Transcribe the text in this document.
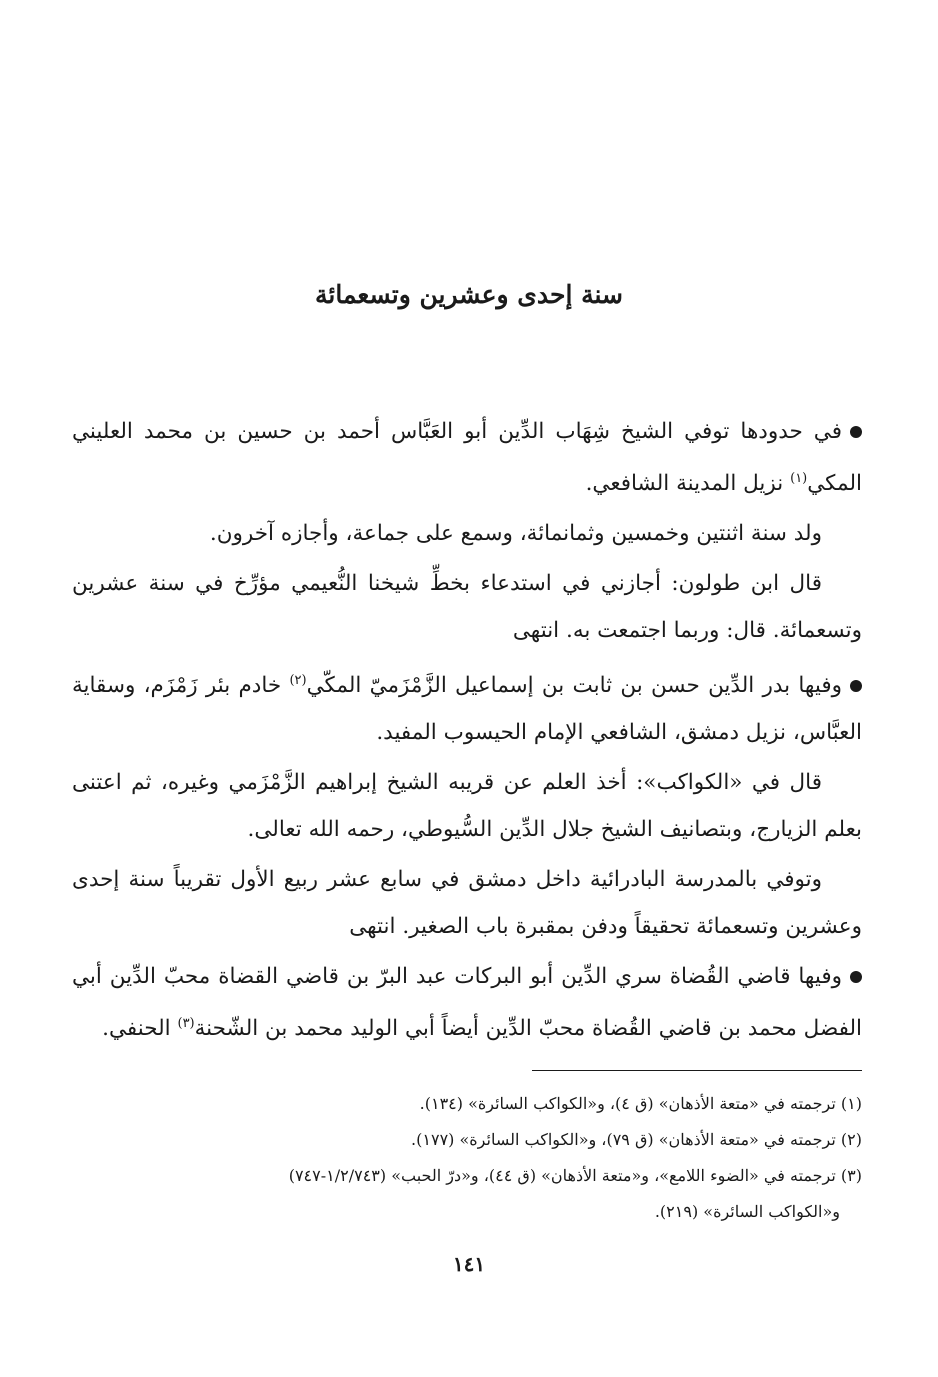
سنة إحدى وعشرين وتسعمائة

في حدودها توفي الشيخ شِهَاب الدِّين أبو العَبَّاس أحمد بن حسين بن محمد العليني المكي$^{(١)}$ نزيل المدينة الشافعي.

ولد سنة اثنتين وخمسين وثمانمائة، وسمع على جماعة، وأجازه آخرون.

قال ابن طولون: أجازني في استدعاء بخطِّ شيخنا النُّعيمي مؤرِّخ في سنة عشرين وتسعمائة. قال: وربما اجتمعت به. انتهى

وفيها بدر الدِّين حسن بن ثابت بن إسماعيل الزَّمْزَميّ المكّي$^{(٢)}$ خادم بئر زَمْزَم، وسقاية العبَّاس، نزيل دمشق، الشافعي الإمام الحيسوب المفيد.

قال في «الكواكب»: أخذ العلم عن قريبه الشيخ إبراهيم الزَّمْزَمي وغيره، ثم اعتنى بعلم الزيارج، وبتصانيف الشيخ جلال الدِّين السُّيوطي، رحمه الله تعالى.

وتوفي بالمدرسة البادرائية داخل دمشق في سابع عشر ربيع الأول تقريباً سنة إحدى وعشرين وتسعمائة تحقيقاً ودفن بمقبرة باب الصغير. انتهى

وفيها قاضي القُضاة سري الدِّين أبو البركات عبد البرّ بن قاضي القضاة محبّ الدِّين أبي الفضل محمد بن قاضي القُضاة محبّ الدِّين أيضاً أبي الوليد محمد بن الشّحنة$^{(٣)}$ الحنفي.

(١) ترجمته في «متعة الأذهان» (ق ٤)، و«الكواكب السائرة» (١٣٤).

(٢) ترجمته في «متعة الأذهان» (ق ٧٩)، و«الكواكب السائرة» (١٧٧).

(٣) ترجمته في «الضوء اللامع»، و«متعة الأذهان» (ق ٤٤)، و«درّ الحبب» (١/٢/٧٤٣-٧٤٧)

و«الكواكب السائرة» (٢١٩).

١٤١
